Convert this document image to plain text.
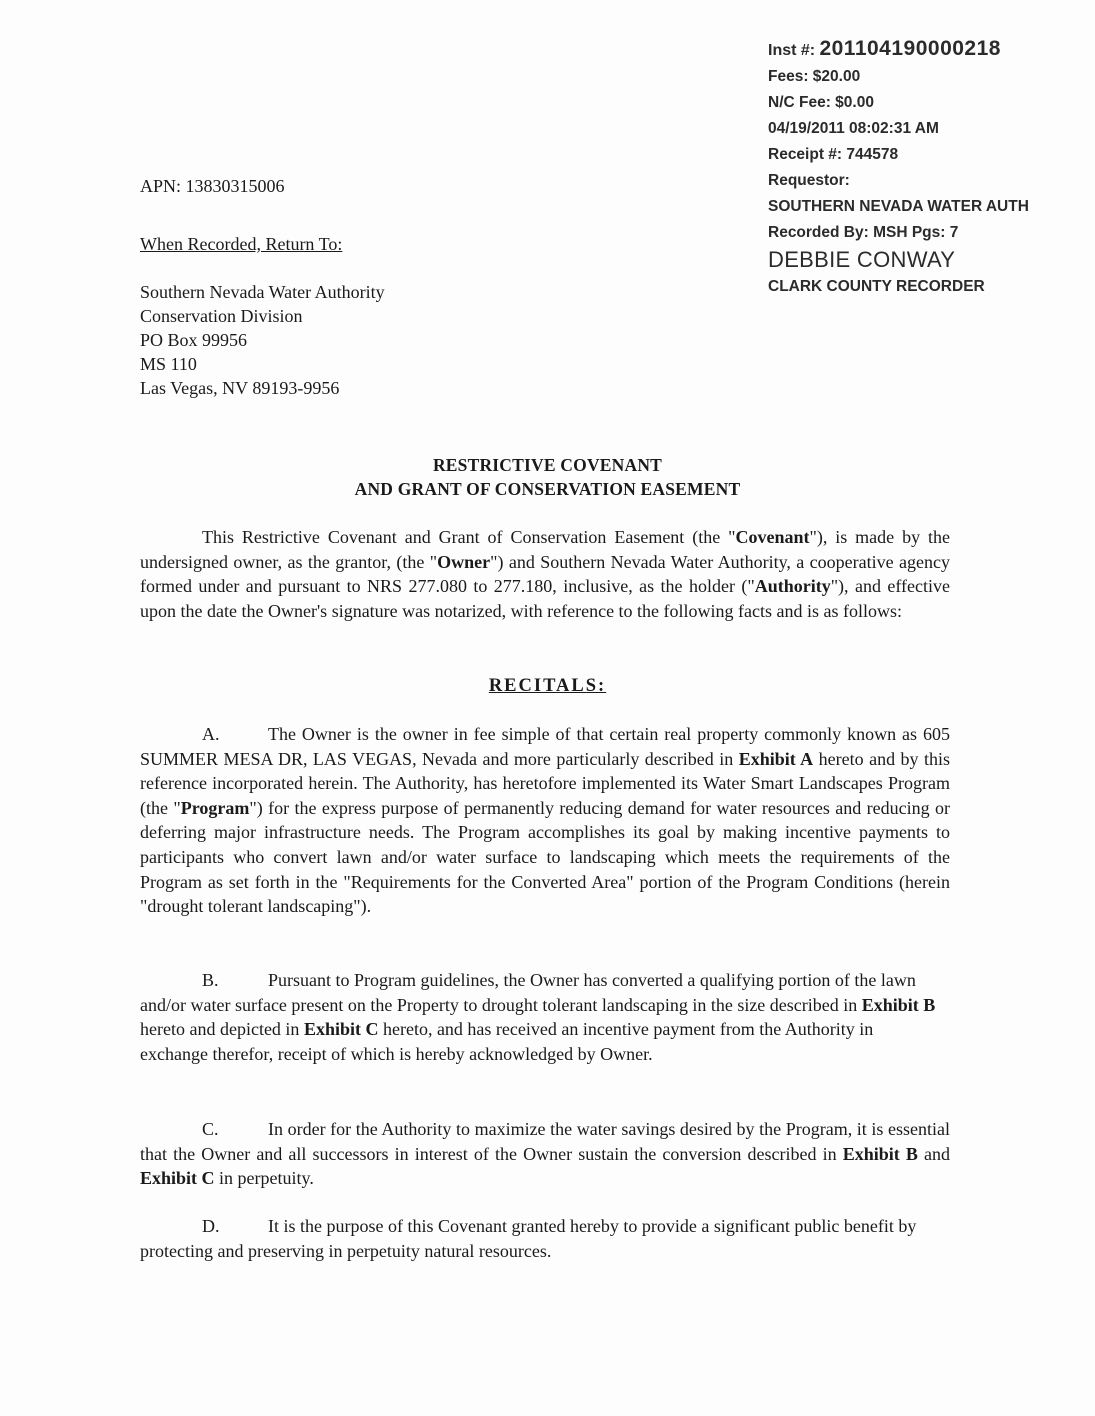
Inst #: 201104190000218
Fees: $20.00
N/C Fee: $0.00
04/19/2011 08:02:31 AM
Receipt #: 744578
Requestor:
SOUTHERN NEVADA WATER AUTH
Recorded By: MSH Pgs: 7
DEBBIE CONWAY
CLARK COUNTY RECORDER
APN: 13830315006
When Recorded, Return To:
Southern Nevada Water Authority
Conservation Division
PO Box 99956
MS 110
Las Vegas, NV 89193-9956
RESTRICTIVE COVENANT
AND GRANT OF CONSERVATION EASEMENT
This Restrictive Covenant and Grant of Conservation Easement (the "Covenant"), is made by the undersigned owner, as the grantor, (the "Owner") and Southern Nevada Water Authority, a cooperative agency formed under and pursuant to NRS 277.080 to 277.180, inclusive, as the holder ("Authority"), and effective upon the date the Owner's signature was notarized, with reference to the following facts and is as follows:
RECITALS:
A.	The Owner is the owner in fee simple of that certain real property commonly known as 605 SUMMER MESA DR, LAS VEGAS, Nevada and more particularly described in Exhibit A hereto and by this reference incorporated herein. The Authority, has heretofore implemented its Water Smart Landscapes Program (the "Program") for the express purpose of permanently reducing demand for water resources and reducing or deferring major infrastructure needs. The Program accomplishes its goal by making incentive payments to participants who convert lawn and/or water surface to landscaping which meets the requirements of the Program as set forth in the "Requirements for the Converted Area" portion of the Program Conditions (herein "drought tolerant landscaping").
B.	Pursuant to Program guidelines, the Owner has converted a qualifying portion of the lawn and/or water surface present on the Property to drought tolerant landscaping in the size described in Exhibit B hereto and depicted in Exhibit C hereto, and has received an incentive payment from the Authority in exchange therefor, receipt of which is hereby acknowledged by Owner.
C.	In order for the Authority to maximize the water savings desired by the Program, it is essential that the Owner and all successors in interest of the Owner sustain the conversion described in Exhibit B and Exhibit C in perpetuity.
D.	It is the purpose of this Covenant granted hereby to provide a significant public benefit by protecting and preserving in perpetuity natural resources.
